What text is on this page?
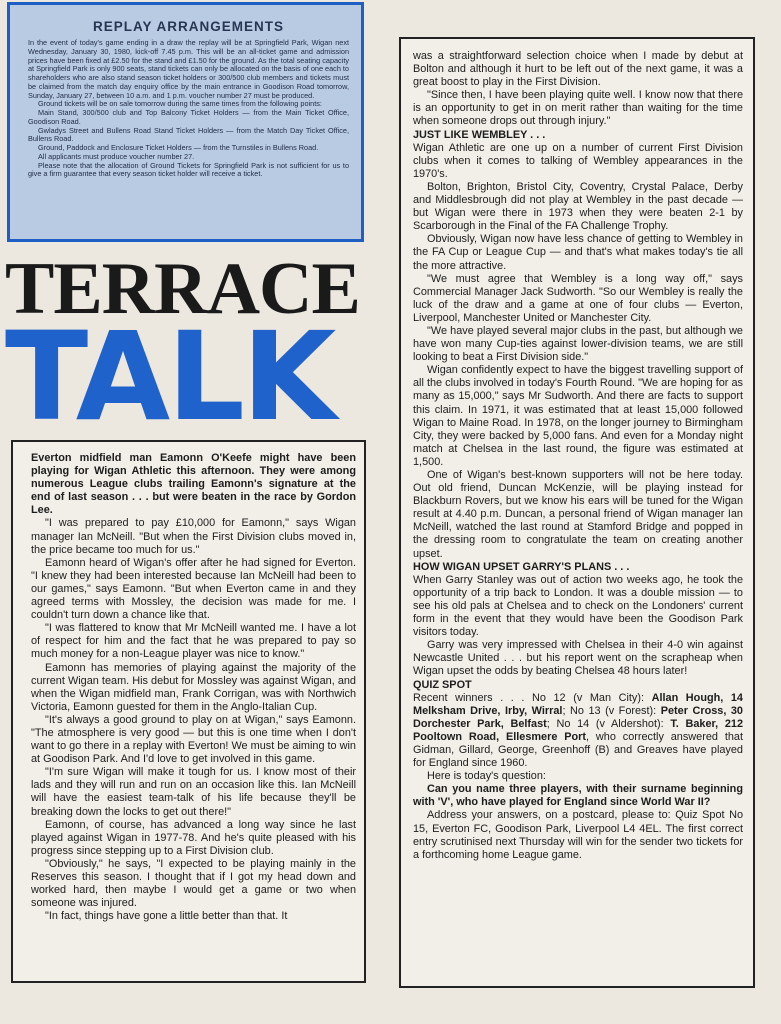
REPLAY ARRANGEMENTS

In the event of today's game ending in a draw the replay will be at Springfield Park, Wigan next Wednesday, January 30, 1980, kick-off 7.45 p.m. This will be an all-ticket game and admission prices have been fixed at £2.50 for the stand and £1.50 for the ground. As the total seating capacity at Springfield Park is only 900 seats, stand tickets can only be allocated on the basis of one each to shareholders who are also stand season ticket holders or 300/500 club members and tickets must be claimed from the match day enquiry office by the main entrance in Goodison Road tomorrow, Sunday, January 27, between 10 a.m. and 1 p.m. voucher number 27 must be produced.

Ground tickets will be on sale tomorrow during the same times from the following points:

Main Stand, 300/500 club and Top Balcony Ticket Holders — from the Main Ticket Office, Goodison Road.

Gwladys Street and Bullens Road Stand Ticket Holders — from the Match Day Ticket Office, Bullens Road.

Ground, Paddock and Enclosure Ticket Holders — from the Turnstiles in Bullens Road.

All applicants must produce voucher number 27.

Please note that the allocation of Ground Tickets for Springfield Park is not sufficient for us to give a firm guarantee that every season ticket holder will receive a ticket.

TERRACE
TALK

Everton midfield man Eamonn O'Keefe might have been playing for Wigan Athletic this afternoon. They were among numerous League clubs trailing Eamonn's signature at the end of last season . . . but were beaten in the race by Gordon Lee.

"I was prepared to pay £10,000 for Eamonn," says Wigan manager Ian McNeill. "But when the First Division clubs moved in, the price became too much for us."

Eamonn heard of Wigan's offer after he had signed for Everton. "I knew they had been interested because Ian McNeill had been to our games," says Eamonn. "But when Everton came in and they agreed terms with Mossley, the decision was made for me. I couldn't turn down a chance like that.

"I was flattered to know that Mr McNeill wanted me. I have a lot of respect for him and the fact that he was prepared to pay so much money for a non-League player was nice to know."

Eamonn has memories of playing against the majority of the current Wigan team. His debut for Mossley was against Wigan, and when the Wigan midfield man, Frank Corrigan, was with Northwich Victoria, Eamonn guested for them in the Anglo-Italian Cup.

"It's always a good ground to play on at Wigan," says Eamonn. "The atmosphere is very good — but this is one time when I don't want to go there in a replay with Everton! We must be aiming to win at Goodison Park. And I'd love to get involved in this game.

"I'm sure Wigan will make it tough for us. I know most of their lads and they will run and run on an occasion like this. Ian McNeill will have the easiest team-talk of his life because they'll be breaking down the locks to get out there!"

Eamonn, of course, has advanced a long way since he last played against Wigan in 1977-78. And he's quite pleased with his progress since stepping up to a First Division club.

"Obviously," he says, "I expected to be playing mainly in the Reserves this season. I thought that if I got my head down and worked hard, then maybe I would get a game or two when someone was injured.

"In fact, things have gone a little better than that. It

was a straightforward selection choice when I made by debut at Bolton and although it hurt to be left out of the next game, it was a great boost to play in the First Division.

"Since then, I have been playing quite well. I know now that there is an opportunity to get in on merit rather than waiting for the time when someone drops out through injury."

JUST LIKE WEMBLEY . . .

Wigan Athletic are one up on a number of current First Division clubs when it comes to talking of Wembley appearances in the 1970's.

Bolton, Brighton, Bristol City, Coventry, Crystal Palace, Derby and Middlesbrough did not play at Wembley in the past decade — but Wigan were there in 1973 when they were beaten 2-1 by Scarborough in the Final of the FA Challenge Trophy.

Obviously, Wigan now have less chance of getting to Wembley in the FA Cup or League Cup — and that's what makes today's tie all the more attractive.

"We must agree that Wembley is a long way off," says Commercial Manager Jack Sudworth. "So our Wembley is really the luck of the draw and a game at one of four clubs — Everton, Liverpool, Manchester United or Manchester City.

"We have played several major clubs in the past, but although we have won many Cup-ties against lower-division teams, we are still looking to beat a First Division side."

Wigan confidently expect to have the biggest travelling support of all the clubs involved in today's Fourth Round. "We are hoping for as many as 15,000," says Mr Sudworth. And there are facts to support this claim. In 1971, it was estimated that at least 15,000 followed Wigan to Maine Road. In 1978, on the longer journey to Birmingham City, they were backed by 5,000 fans. And even for a Monday night match at Chelsea in the last round, the figure was estimated at 1,500.

One of Wigan's best-known supporters will not be here today. Out old friend, Duncan McKenzie, will be playing instead for Blackburn Rovers, but we know his ears will be tuned for the Wigan result at 4.40 p.m. Duncan, a personal friend of Wigan manager Ian McNeill, watched the last round at Stamford Bridge and popped in the dressing room to congratulate the team on creating another upset.

HOW WIGAN UPSET GARRY'S PLANS . . .

When Garry Stanley was out of action two weeks ago, he took the opportunity of a trip back to London. It was a double mission — to see his old pals at Chelsea and to check on the Londoners' current form in the event that they would have been the Goodison Park visitors today.

Garry was very impressed with Chelsea in their 4-0 win against Newcastle United . . . but his report went on the scrapheap when Wigan upset the odds by beating Chelsea 48 hours later!

QUIZ SPOT

Recent winners . . . No 12 (v Man City): Allan Hough, 14 Melksham Drive, Irby, Wirral; No 13 (v Forest): Peter Cross, 30 Dorchester Park, Belfast; No 14 (v Aldershot): T. Baker, 212 Pooltown Road, Ellesmere Port, who correctly answered that Gidman, Gillard, George, Greenhoff (B) and Greaves have played for England since 1960.

Here is today's question:

Can you name three players, with their surname beginning with 'V', who have played for England since World War II?

Address your answers, on a postcard, please to: Quiz Spot No 15, Everton FC, Goodison Park, Liverpool L4 4EL. The first correct entry scrutinised next Thursday will win for the sender two tickets for a forthcoming home League game.
